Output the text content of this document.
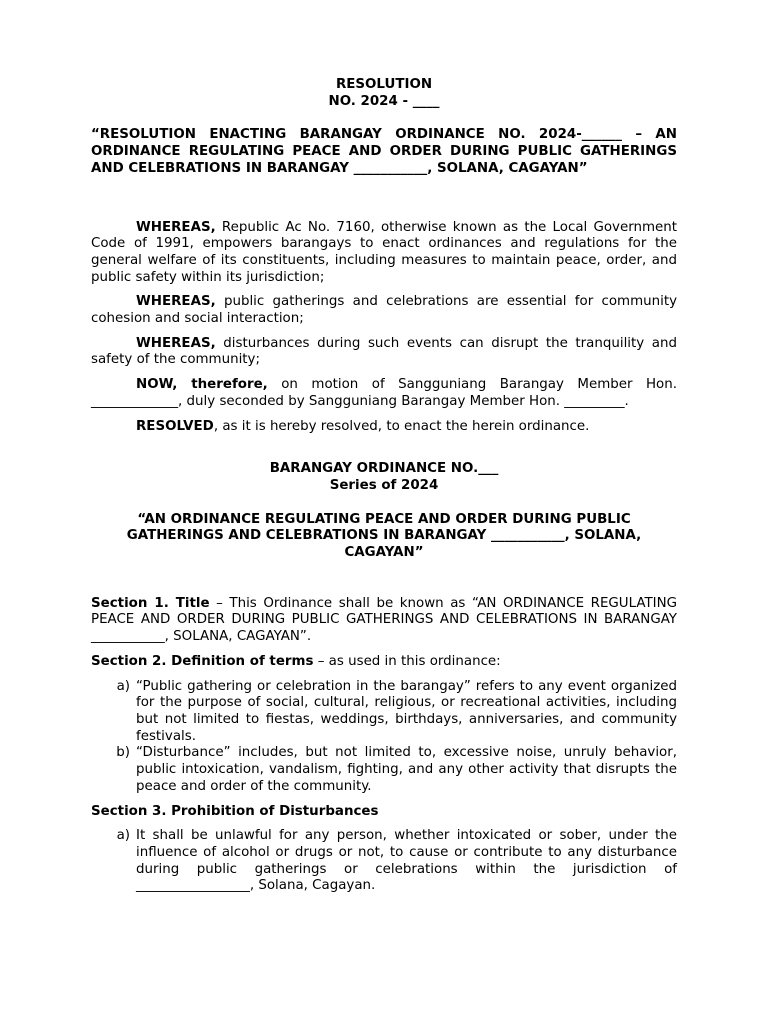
RESOLUTION
NO. 2024 - ____

“RESOLUTION ENACTING BARANGAY ORDINANCE NO. 2024-______ – AN ORDINANCE REGULATING PEACE AND ORDER DURING PUBLIC GATHERINGS AND CELEBRATIONS IN BARANGAY ___________, SOLANA, CAGAYAN”

WHEREAS, Republic Ac No. 7160, otherwise known as the Local Government Code of 1991, empowers barangays to enact ordinances and regulations for the general welfare of its constituents, including measures to maintain peace, order, and public safety within its jurisdiction;

WHEREAS, public gatherings and celebrations are essential for community cohesion and social interaction;

WHEREAS, disturbances during such events can disrupt the tranquility and safety of the community;

NOW, therefore, on motion of Sangguniang Barangay Member Hon. _____________, duly seconded by Sangguniang Barangay Member Hon. _________.

RESOLVED, as it is hereby resolved, to enact the herein ordinance.

BARANGAY ORDINANCE NO.___
Series of 2024

“AN ORDINANCE REGULATING PEACE AND ORDER DURING PUBLIC GATHERINGS AND CELEBRATIONS IN BARANGAY ___________, SOLANA, CAGAYAN”

Section 1. Title – This Ordinance shall be known as “AN ORDINANCE REGULATING PEACE AND ORDER DURING PUBLIC GATHERINGS AND CELEBRATIONS IN BARANGAY ___________, SOLANA, CAGAYAN”.

Section 2. Definition of terms – as used in this ordinance:

a) “Public gathering or celebration in the barangay” refers to any event organized for the purpose of social, cultural, religious, or recreational activities, including but not limited to fiestas, weddings, birthdays, anniversaries, and community festivals.
b) “Disturbance” includes, but not limited to, excessive noise, unruly behavior, public intoxication, vandalism, fighting, and any other activity that disrupts the peace and order of the community.

Section 3. Prohibition of Disturbances

a) It shall be unlawful for any person, whether intoxicated or sober, under the influence of alcohol or drugs or not, to cause or contribute to any disturbance during public gatherings or celebrations within the jurisdiction of _________________, Solana, Cagayan.
